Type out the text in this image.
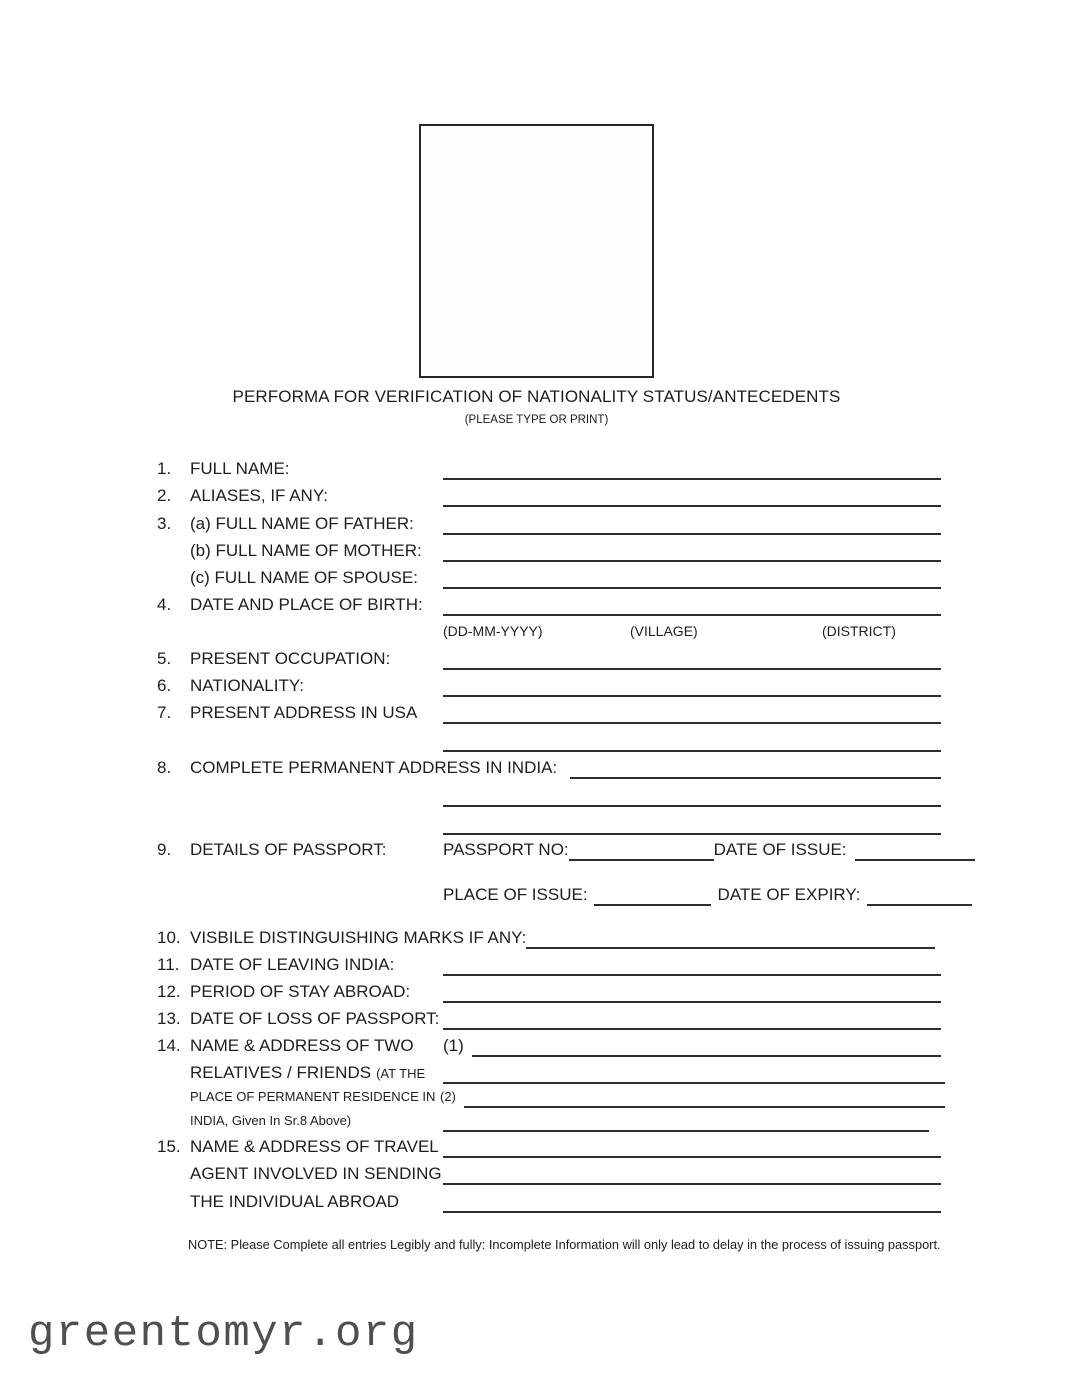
PERFORMA FOR VERIFICATION OF NATIONALITY STATUS/ANTECEDENTS
(PLEASE TYPE OR PRINT)
1. FULL NAME:
2. ALIASES, IF ANY:
3. (a) FULL NAME OF FATHER:
(b) FULL NAME OF MOTHER:
(c) FULL NAME OF SPOUSE:
4. DATE AND PLACE OF BIRTH:
(DD-MM-YYYY)	(VILLAGE)	(DISTRICT)
5. PRESENT OCCUPATION:
6. NATIONALITY:
7. PRESENT ADDRESS IN USA
8. COMPLETE PERMANENT ADDRESS IN INDIA:
9. DETAILS OF PASSPORT:	PASSPORT NO:	DATE OF ISSUE:
PLACE OF ISSUE:	DATE OF EXPIRY:
10. VISBILE DISTINGUISHING MARKS IF ANY:
11. DATE OF LEAVING INDIA:
12. PERIOD OF STAY ABROAD:
13. DATE OF LOSS OF PASSPORT:
14. NAME & ADDRESS OF TWO (1)
RELATIVES / FRIENDS (AT THE
PLACE OF PERMANENT RESIDENCE IN (2)
INDIA, Given In Sr.8 Above)
15. NAME & ADDRESS OF TRAVEL
AGENT INVOLVED IN SENDING
THE INDIVIDUAL ABROAD
NOTE: Please Complete all entries Legibly and fully: Incomplete Information will only lead to delay in the process of issuing passport.
greentomyr.org
